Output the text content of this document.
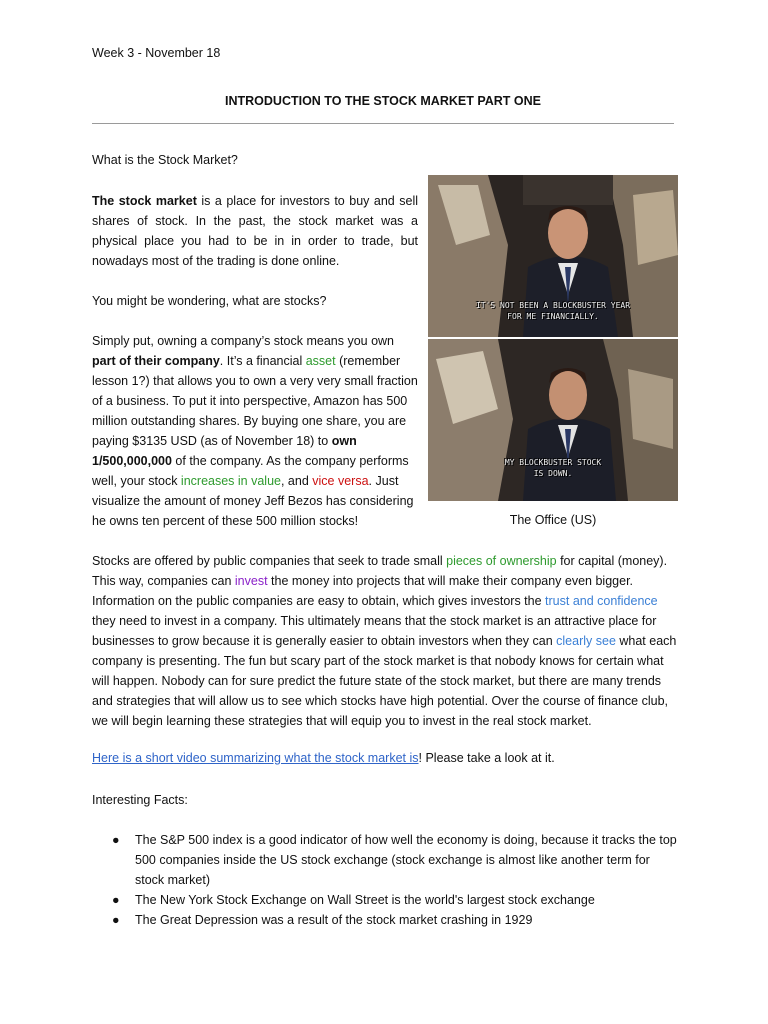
Week 3 - November 18
INTRODUCTION TO THE STOCK MARKET PART ONE
What is the Stock Market?

The stock market is a place for investors to buy and sell shares of stock. In the past, the stock market was a physical place you had to be in in order to trade, but nowadays most of the trading is done online.

You might be wondering, what are stocks?

Simply put, owning a company’s stock means you own part of their company. It’s a financial asset (remember lesson 1?) that allows you to own a very very small fraction of a business. To put it into perspective, Amazon has 500 million outstanding shares. By buying one share, you are paying $3135 USD (as of November 18) to own 1/500,000,000 of the company. As the company performs well, your stock increases in value, and vice versa. Just visualize the amount of money Jeff Bezos has considering he owns ten percent of these 500 million stocks!

IT'S NOT BEEN A BLOCKBUSTER YEAR
FOR ME FINANCIALLY.
MY BLOCKBUSTER STOCK
IS DOWN.
The Office (US)

Stocks are offered by public companies that seek to trade small pieces of ownership for capital (money). This way, companies can invest the money into projects that will make their company even bigger. Information on the public companies are easy to obtain, which gives investors the trust and confidence they need to invest in a company. This ultimately means that the stock market is an attractive place for businesses to grow because it is generally easier to obtain investors when they can clearly see what each company is presenting. The fun but scary part of the stock market is that nobody knows for certain what will happen. Nobody can for sure predict the future state of the stock market, but there are many trends and strategies that will allow us to see which stocks have high potential. Over the course of finance club, we will begin learning these strategies that will equip you to invest in the real stock market.

Here is a short video summarizing what the stock market is! Please take a look at it.
Interesting Facts:
● The S&P 500 index is a good indicator of how well the economy is doing, because it tracks the top 500 companies inside the US stock exchange (stock exchange is almost like another term for stock market)
● The New York Stock Exchange on Wall Street is the world's largest stock exchange
● The Great Depression was a result of the stock market crashing in 1929
